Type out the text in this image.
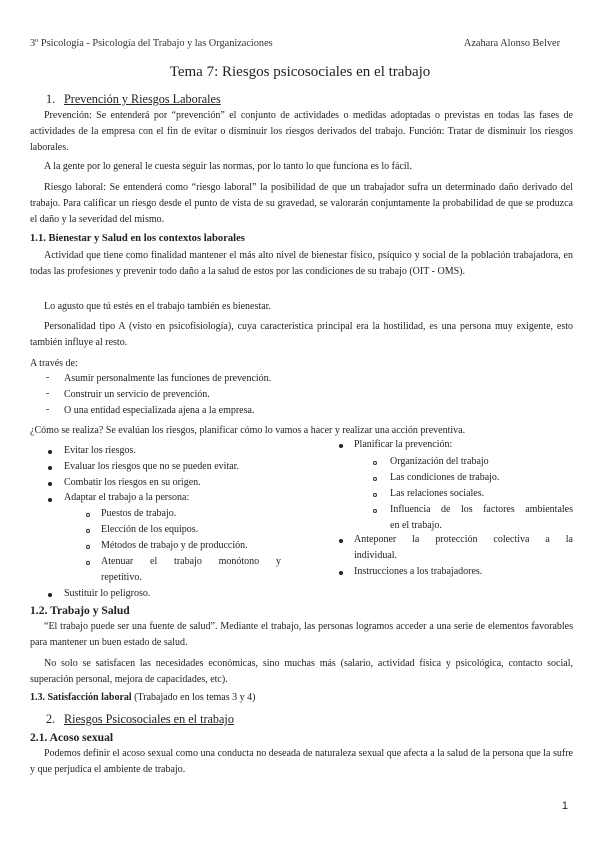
3º Psicología - Psicología del Trabajo y las Organizaciones	Azahara Alonso Belver
Tema 7: Riesgos psicosociales en el trabajo
1. Prevención y Riesgos Laborales
Prevención: Se entenderá por “prevención” el conjunto de actividades o medidas adoptadas o previstas en todas las fases de actividades de la empresa con el fin de evitar o disminuir los riesgos derivados del trabajo. Función: Tratar de disminuir los riesgos laborales.
A la gente por lo general le cuesta seguir las normas, por lo tanto lo que funciona es lo fácil.
Riesgo laboral: Se entenderá como “riesgo laboral” la posibilidad de que un trabajador sufra un determinado daño derivado del trabajo. Para calificar un riesgo desde el punto de vista de su gravedad, se valorarán conjuntamente la probabilidad de que se produzca el daño y la severidad del mismo.
1.1. Bienestar y Salud en los contextos laborales
Actividad que tiene como finalidad mantener el más alto nivel de bienestar físico, psíquico y social de la población trabajadora, en todas las profesiones y prevenir todo daño a la salud de estos por las condiciones de su trabajo (OIT - OMS).
Lo agusto que tú estés en el trabajo también es bienestar.
Personalidad tipo A (visto en psicofisiología), cuya característica principal era la hostilidad, es una persona muy exigente, esto también influye al resto.
A través de:
- Asumir personalmente las funciones de prevención.
- Construir un servicio de prevención.
- O una entidad especializada ajena a la empresa.
¿Cómo se realiza? Se evalúan los riesgos, planificar cómo lo vamos a hacer y realizar una acción preventiva.
Evitar los riesgos.
Evaluar los riesgos que no se pueden evitar.
Combatir los riesgos en su origen.
Adaptar el trabajo a la persona:
Puestos de trabajo.
Elección de los equipos.
Métodos de trabajo y de producción.
Atenuar el trabajo monótono y
repetitivo.
Sustituir lo peligroso.
Planificar la prevención:
Organización del trabajo
Las condiciones de trabajo.
Las relaciones sociales.
Influencia de los factores ambientales
en el trabajo.
Anteponer la protección colectiva a la
individual.
Instrucciones a los trabajadores.
1.2. Trabajo y Salud
“El trabajo puede ser una fuente de salud”. Mediante el trabajo, las personas logramos acceder a una serie de elementos favorables para mantener un buen estado de salud.
No solo se satisfacen las necesidades económicas, sino muchas más (salario, actividad física y psicológica, contacto social, superación personal, mejora de capacidades, etc).
1.3. Satisfacción laboral (Trabajado en los temas 3 y 4)
2. Riesgos Psicosociales en el trabajo
2.1. Acoso sexual
Podemos definir el acoso sexual como una conducta no deseada de naturaleza sexual que afecta a la salud de la persona que la sufre y que perjudica el ambiente de trabajo.
1
